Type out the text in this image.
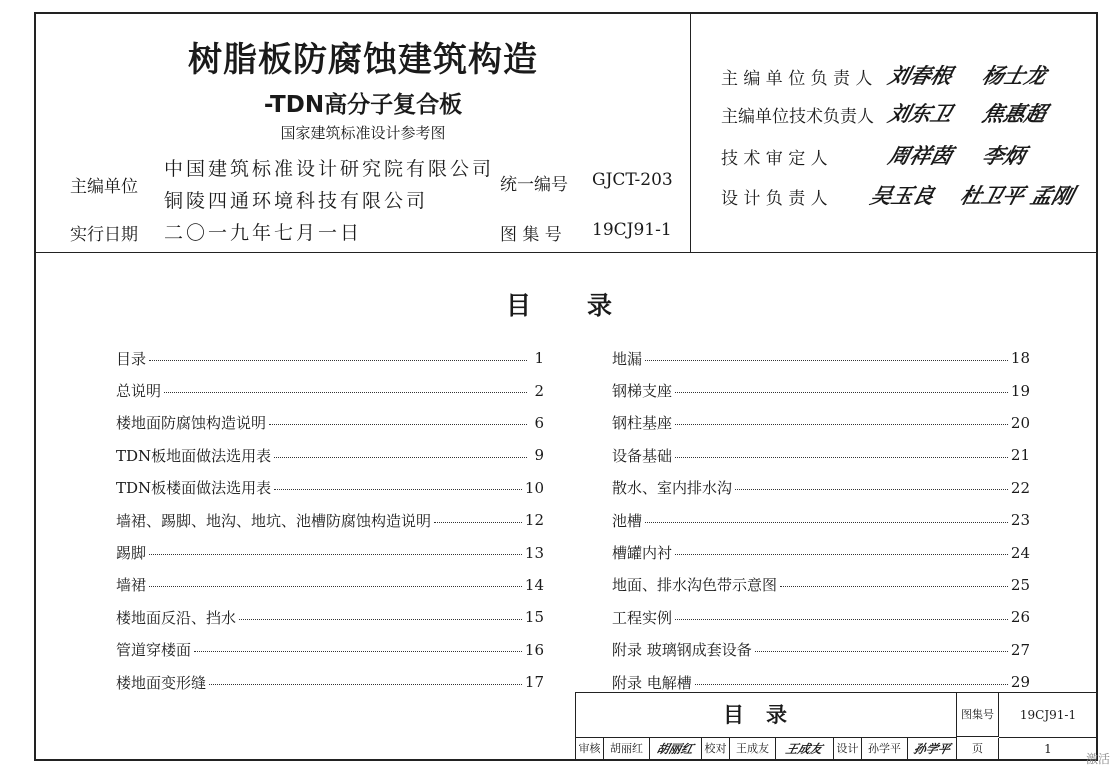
树脂板防腐蚀建筑构造
-TDN高分子复合板
国家建筑标准设计参考图
主编单位
中国建筑标准设计研究院有限公司
铜陵四通环境科技有限公司
实行日期 二〇一九年七月一日
统一编号 GJCT-203
图 集 号 19CJ91-1
主 编 单 位 负 责 人 刘春根 杨士龙
主编单位技术负责人 刘东卫 焦惠超
技 术 审 定 人	周祥茵 李炳
设 计 负 责 人 吴玉良 杜卫平 孟刚
目录
目录	1
总说明	2
楼地面防腐蚀构造说明	6
TDN板地面做法选用表	9
TDN板楼面做法选用表	10
墙裙、踢脚、地沟、地坑、池槽防腐蚀构造说明	12
踢脚	13
墙裙	14
楼地面反沿、挡水	15
管道穿楼面	16
楼地面变形缝	17
地漏	18
钢梯支座	19
钢柱基座	20
设备基础	21
散水、室内排水沟	22
池槽	23
槽罐内衬	24
地面、排水沟色带示意图	25
工程实例	26
附录 玻璃钢成套设备	27
附录 电解槽	29
目录	图集号	19CJ91-1
审核 胡丽红	胡丽红 校对 王成友	王成友	设计 孙学平 孙学平	页	1
激活
